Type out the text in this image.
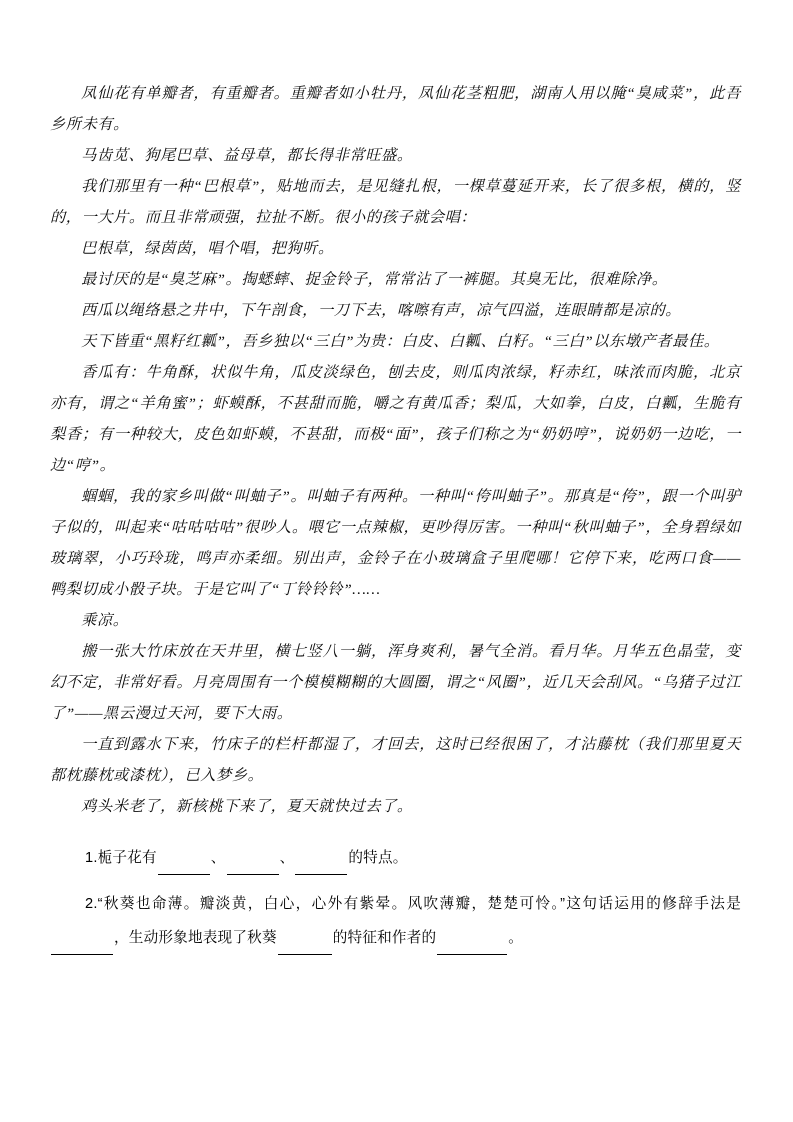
凤仙花有单瓣者，有重瓣者。重瓣者如小牡丹，凤仙花茎粗肥，湖南人用以腌“臭咸菜”，此吾乡所未有。

马齿苋、狗尾巴草、益母草，都长得非常旺盛。

我们那里有一种“巴根草”，贴地而去，是见缝扎根，一棵草蔓延开来，长了很多根，横的，竖的，一大片。而且非常顽强，拉扯不断。很小的孩子就会唱：

巴根草，绿茵茵，唱个唱，把狗听。

最讨厌的是“臭芝麻”。掏蟋蟀、捉金铃子，常常沾了一裤腿。其臭无比，很难除净。

西瓜以绳络悬之井中，下午剖食，一刀下去，喀嚓有声，凉气四溢，连眼睛都是凉的。

天下皆重“黑籽红瓤”，吾乡独以“三白”为贵：白皮、白瓤、白籽。“三白”以东墩产者最佳。

香瓜有：牛角酥，状似牛角，瓜皮淡绿色，刨去皮，则瓜肉浓绿，籽赤红，味浓而肉脆，北京亦有，谓之“羊角蜜”；虾蟆酥，不甚甜而脆，嚼之有黄瓜香；梨瓜，大如拳，白皮，白瓤，生脆有梨香；有一种较大，皮色如虾蟆，不甚甜，而极“面”，孩子们称之为“奶奶哼”，说奶奶一边吃，一边“哼”。

蝈蝈，我的家乡叫做“叫蚰子”。叫蚰子有两种。一种叫“侉叫蚰子”。那真是“侉”，跟一个叫驴子似的，叫起来“咕咕咕咕”很吵人。喂它一点辣椒，更吵得厉害。一种叫“秋叫蚰子”，全身碧绿如玻璃翠，小巧玲珑，鸣声亦柔细。别出声，金铃子在小玻璃盒子里爬哪！它停下来，吃两口食——鸭梨切成小骰子块。于是它叫了“丁铃铃铃”……

乘凉。

搬一张大竹床放在天井里，横七竖八一躺，浑身爽利，暑气全消。看月华。月华五色晶莹，变幻不定，非常好看。月亮周围有一个模模糊糊的大圆圈，谓之“风圈”，近几天会刮风。“乌猪子过江了”——黑云漫过天河，要下大雨。

一直到露水下来，竹床子的栏杆都湿了，才回去，这时已经很困了，才沾藤枕（我们那里夏天都枕藤枕或漆枕），已入梦乡。

鸡头米老了，新核桃下来了，夏天就快过去了。

1.栀子花有	、	、	的特点。

2.“秋葵也命薄。瓣淡黄，白心，心外有紫晕。风吹薄瓣，楚楚可怜。”这句话运用的修辞手法是，生动形象地表现了秋葵	的特征和作者的	。
